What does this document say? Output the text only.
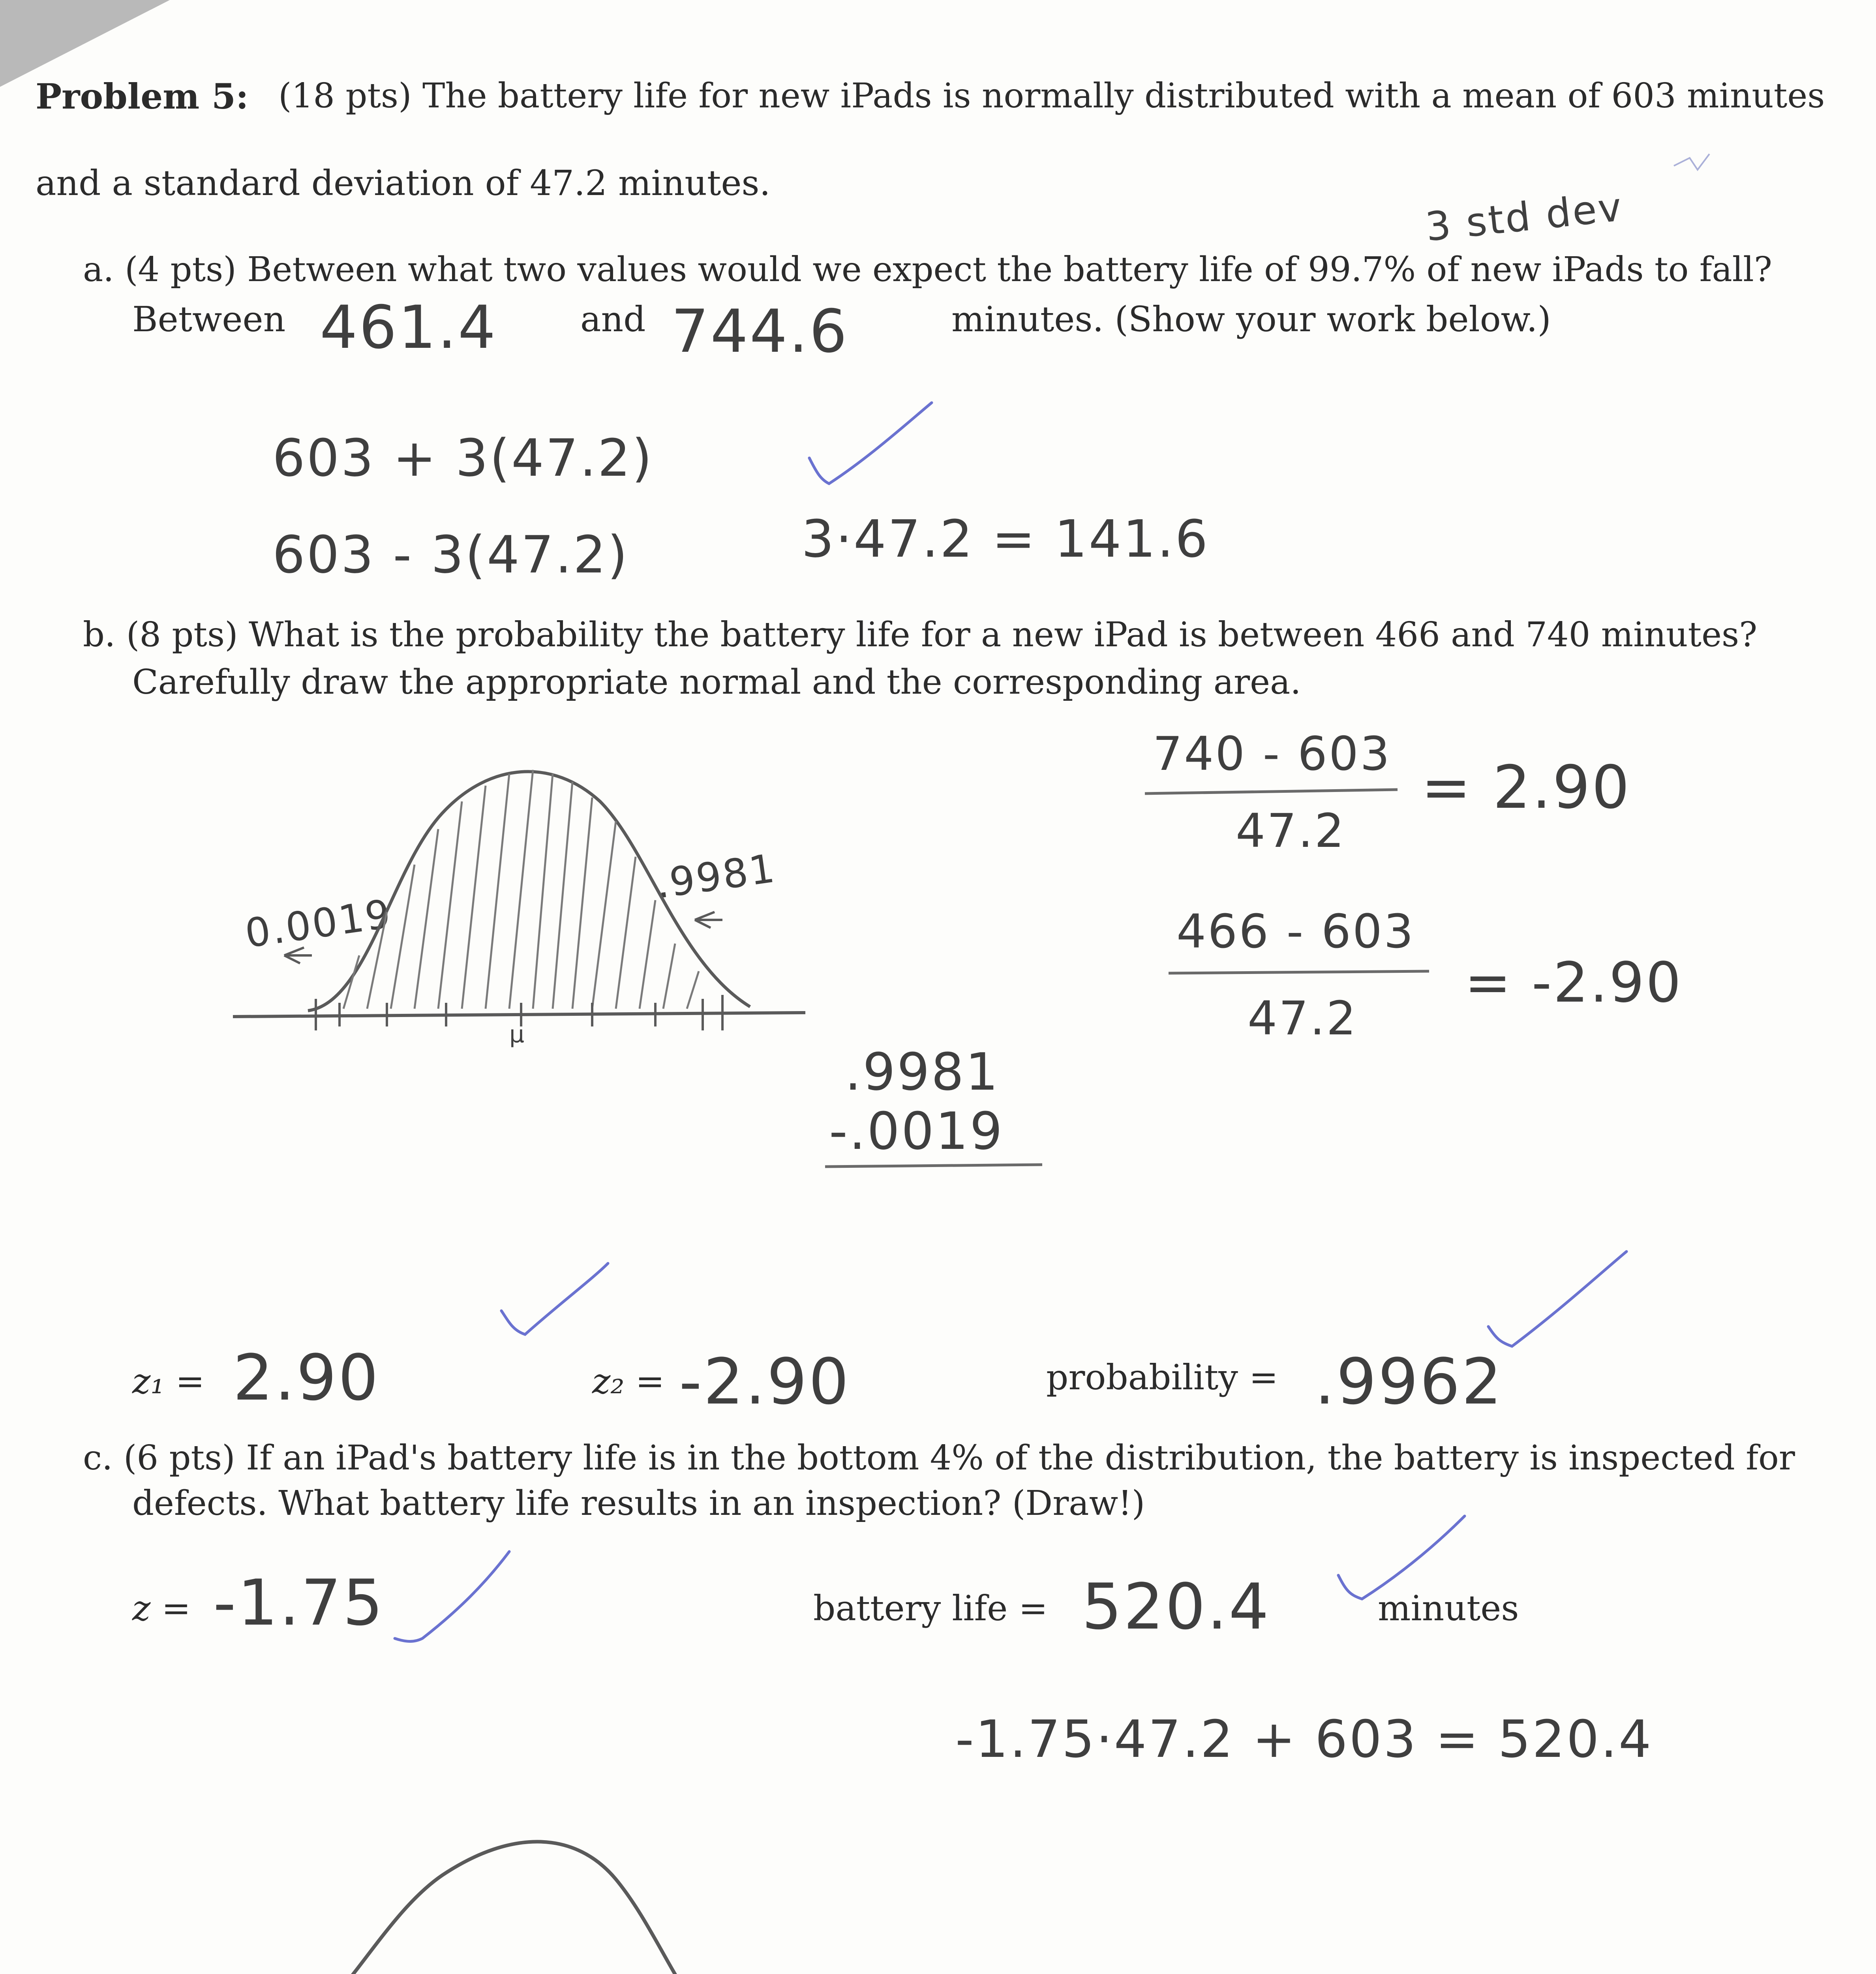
Problem 5: (18 pts) The battery life for new iPads is normally distributed with a mean of 603 minutes
and a standard deviation of 47.2 minutes.
3 std dev
a. (4 pts) Between what two values would we expect the battery life of 99.7% of new iPads to fall?
Between 461.4 and 744.6	minutes. (Show your work below.)
603 + 3(47.2)
603 - 3(47.2)	3·47.2 = 141.6
b. (8 pts) What is the probability the battery life for a new iPad is between 466 and 740 minutes?
Carefully draw the appropriate normal and the corresponding area.
740 - 603
47.2
= 2.90
466 - 603
47.2
= -2.90
0.0019
.9981
μ
.9981
-.0019
z₁ = 2.90	z₂ = -2.90	probability = .9962
c. (6 pts) If an iPad's battery life is in the bottom 4% of the distribution, the battery is inspected for
defects. What battery life results in an inspection? (Draw!)
z = -1.75	battery life = 520.4	minutes
-1.75·47.2 + 603 = 520.4
